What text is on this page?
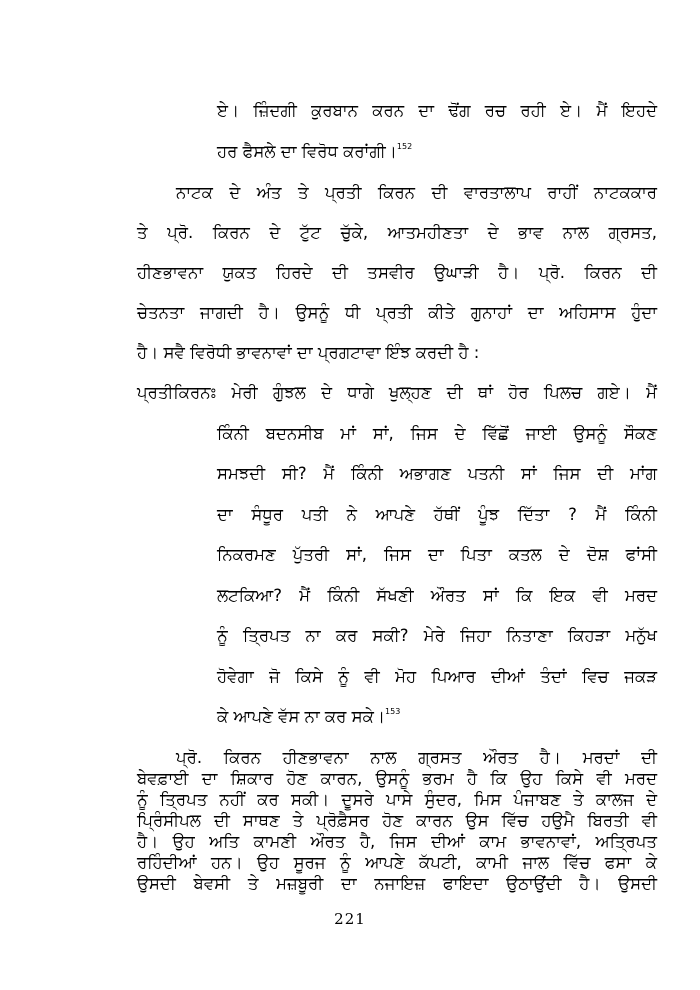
ਏ। ਜ਼ਿੰਦਗੀ ਕੁਰਬਾਨ ਕਰਨ ਦਾ ਢੋਂਗ ਰਚ ਰਹੀ ਏ। ਮੈਂ ਇਹਦੇ
ਹਰ ਫੈਸਲੇ ਦਾ ਵਿਰੋਧ ਕਰਾਂਗੀ।$^{152}$
ਨਾਟਕ ਦੇ ਅੰਤ ਤੇ ਪ੍ਰਤੀ ਕਿਰਨ ਦੀ ਵਾਰਤਾਲਾਪ ਰਾਹੀਂ ਨਾਟਕਕਾਰ
ਤੇ ਪ੍ਰੋ. ਕਿਰਨ ਦੇ ਟੁੱਟ ਚੁੱਕੇ, ਆਤਮਹੀਣਤਾ ਦੇ ਭਾਵ ਨਾਲ ਗ੍ਰਸਤ,
ਹੀਣਭਾਵਨਾ ਯੁਕਤ ਹਿਰਦੇ ਦੀ ਤਸਵੀਰ ਉਘਾੜੀ ਹੈ। ਪ੍ਰੋ. ਕਿਰਨ ਦੀ
ਚੇਤਨਤਾ ਜਾਗਦੀ ਹੈ। ਉਸਨੂੰ ਧੀ ਪ੍ਰਤੀ ਕੀਤੇ ਗੁਨਾਹਾਂ ਦਾ ਅਹਿਸਾਸ ਹੁੰਦਾ
ਹੈ। ਸਵੈ ਵਿਰੋਧੀ ਭਾਵਨਾਵਾਂ ਦਾ ਪ੍ਰਗਟਾਵਾ ਇੰਝ ਕਰਦੀ ਹੈ :
ਪ੍ਰਤੀਕਿਰਨਃ ਮੇਰੀ ਗੁੰਝਲ ਦੇ ਧਾਗੇ ਖੁਲ੍ਹਣ ਦੀ ਥਾਂ ਹੋਰ ਪਿਲਚ ਗਏ। ਮੈਂ
ਕਿੰਨੀ ਬਦਨਸੀਬ ਮਾਂ ਸਾਂ, ਜਿਸ ਦੇ ਵਿੱਛੋਂ ਜਾਈ ਉਸਨੂੰ ਸੌਕਣ
ਸਮਝਦੀ ਸੀ? ਮੈਂ ਕਿੰਨੀ ਅਭਾਗਣ ਪਤਨੀ ਸਾਂ ਜਿਸ ਦੀ ਮਾਂਗ
ਦਾ ਸੰਧੂਰ ਪਤੀ ਨੇ ਆਪਣੇ ਹੱਥੀਂ ਪੂੰਝ ਦਿੱਤਾ ? ਮੈਂ ਕਿੰਨੀ
ਨਿਕਰਮਣ ਪੁੱਤਰੀ ਸਾਂ, ਜਿਸ ਦਾ ਪਿਤਾ ਕਤਲ ਦੇ ਦੋਸ਼ ਫਾਂਸੀ
ਲਟਕਿਆ? ਮੈਂ ਕਿੰਨੀ ਸੱਖਣੀ ਔਰਤ ਸਾਂ ਕਿ ਇਕ ਵੀ ਮਰਦ
ਨੂੰ ਤ੍ਰਿਪਤ ਨਾ ਕਰ ਸਕੀ? ਮੇਰੇ ਜਿਹਾ ਨਿਤਾਣਾ ਕਿਹੜਾ ਮਨੁੱਖ
ਹੋਵੇਗਾ ਜੋ ਕਿਸੇ ਨੂੰ ਵੀ ਮੋਹ ਪਿਆਰ ਦੀਆਂ ਤੰਦਾਂ ਵਿਚ ਜਕੜ
ਕੇ ਆਪਣੇ ਵੱਸ ਨਾ ਕਰ ਸਕੇ।$^{153}$
ਪ੍ਰੋ. ਕਿਰਨ ਹੀਣਭਾਵਨਾ ਨਾਲ ਗ੍ਰਸਤ ਔਰਤ ਹੈ। ਮਰਦਾਂ ਦੀ
ਬੇਵਫ਼ਾਈ ਦਾ ਸ਼ਿਕਾਰ ਹੋਣ ਕਾਰਨ, ਉਸਨੂੰ ਭਰਮ ਹੈ ਕਿ ਉਹ ਕਿਸੇ ਵੀ ਮਰਦ
ਨੂੰ ਤ੍ਰਿਪਤ ਨਹੀਂ ਕਰ ਸਕੀ। ਦੂਸਰੇ ਪਾਸੇ ਸੁੰਦਰ, ਮਿਸ ਪੰਜਾਬਣ ਤੇ ਕਾਲਜ ਦੇ
ਪ੍ਰਿੰਸੀਪਲ ਦੀ ਸਾਥਣ ਤੇ ਪ੍ਰੋਫ਼ੈਸਰ ਹੋਣ ਕਾਰਨ ਉਸ ਵਿੱਚ ਹਉਮੈ ਬਿਰਤੀ ਵੀ
ਹੈ। ਉਹ ਅਤਿ ਕਾਮਣੀ ਔਰਤ ਹੈ, ਜਿਸ ਦੀਆਂ ਕਾਮ ਭਾਵਨਾਵਾਂ, ਅਤ੍ਰਿਪਤ
ਰਹਿੰਦੀਆਂ ਹਨ। ਉਹ ਸੂਰਜ ਨੂੰ ਆਪਣੇ ਕੱਪਟੀ, ਕਾਮੀ ਜਾਲ ਵਿੱਚ ਫਸਾ ਕੇ
ਉਸਦੀ ਬੇਵਸੀ ਤੇ ਮਜ਼ਬੂਰੀ ਦਾ ਨਜਾਇਜ਼ ਫਾਇਦਾ ਉਠਾਉਂਦੀ ਹੈ। ਉਸਦੀ
221
